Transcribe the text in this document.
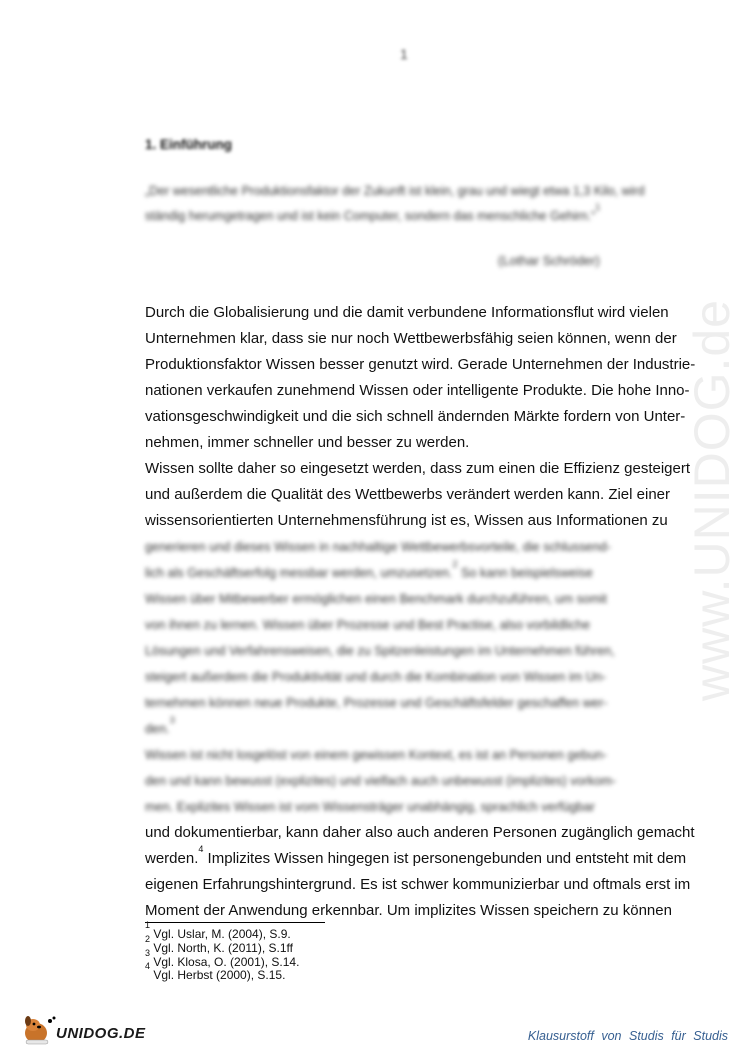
www.UNIDOG.de
1
1. Einführung
„Der wesentliche Produktionsfaktor der Zukunft ist klein, grau und wiegt etwa 1,3 Kilo, wird ständig herumgetragen und ist kein Computer, sondern das menschliche Gehirn.“$^1$
(Lothar Schröder)
Durch die Globalisierung und die damit verbundene Informationsflut wird vielen
Unternehmen klar, dass sie nur noch Wettbewerbsfähig seien können, wenn der
Produktionsfaktor Wissen besser genutzt wird. Gerade Unternehmen der Industrie-
nationen verkaufen zunehmend Wissen oder intelligente Produkte. Die hohe Inno-
vationsgeschwindigkeit und die sich schnell ändernden Märkte fordern von Unter-
nehmen, immer schneller und besser zu werden.
Wissen sollte daher so eingesetzt werden, dass zum einen die Effizienz gesteigert
und außerdem die Qualität des Wettbewerbs verändert werden kann. Ziel einer
wissensorientierten Unternehmensführung ist es, Wissen aus Informationen zu
generieren und dieses Wissen in nachhaltige Wettbewerbsvorteile, die schlussend-
lich als Geschäftserfolg messbar werden, umzusetzen.$^2$ So kann beispielsweise
Wissen über Mitbewerber ermöglichen einen Benchmark durchzuführen, um somit
von ihnen zu lernen. Wissen über Prozesse und Best Practise, also vorbildliche
Lösungen und Verfahrensweisen, die zu Spitzenleistungen im Unternehmen führen,
steigert außerdem die Produktivität und durch die Kombination von Wissen im Un-
ternehmen können neue Produkte, Prozesse und Geschäftsfelder geschaffen wer-
den.$^3$
Wissen ist nicht losgelöst von einem gewissen Kontext, es ist an Personen gebun-
den und kann bewusst (explizites) und vielfach auch unbewusst (implizites) vorkom-
men. Explizites Wissen ist vom Wissensträger unabhängig, sprachlich verfügbar
und dokumentierbar, kann daher also auch anderen Personen zugänglich gemacht
werden.$^4$ Implizites Wissen hingegen ist personengebunden und entsteht mit dem
eigenen Erfahrungshintergrund. Es ist schwer kommunizierbar und oftmals erst im
Moment der Anwendung erkennbar. Um implizites Wissen speichern zu können
$^1$ Vgl. Uslar, M. (2004), S.9.
$^2$ Vgl. North, K. (2011), S.1ff
$^3$ Vgl. Klosa, O. (2001), S.14.
$^4$ Vgl. Herbst (2000), S.15.
UNIDOG.DE	Klausurstoff von Studis für Studis
